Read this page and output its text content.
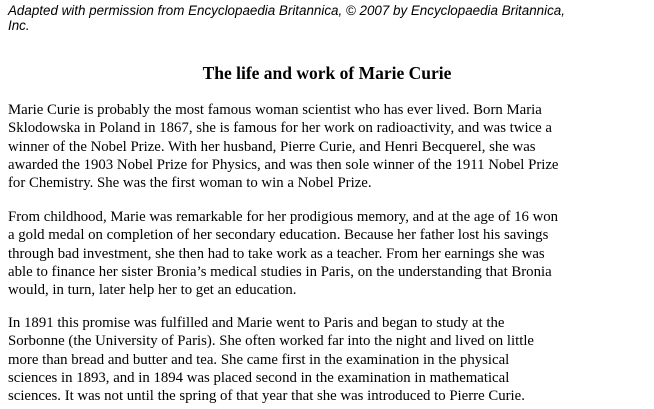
Adapted with permission from Encyclopaedia Britannica, © 2007 by Encyclopaedia Britannica,
Inc.

The life and work of Marie Curie

Marie Curie is probably the most famous woman scientist who has ever lived. Born Maria
Sklodowska in Poland in 1867, she is famous for her work on radioactivity, and was twice a
winner of the Nobel Prize. With her husband, Pierre Curie, and Henri Becquerel, she was
awarded the 1903 Nobel Prize for Physics, and was then sole winner of the 1911 Nobel Prize
for Chemistry. She was the first woman to win a Nobel Prize.

From childhood, Marie was remarkable for her prodigious memory, and at the age of 16 won
a gold medal on completion of her secondary education. Because her father lost his savings
through bad investment, she then had to take work as a teacher. From her earnings she was
able to finance her sister Bronia’s medical studies in Paris, on the understanding that Bronia
would, in turn, later help her to get an education.

In 1891 this promise was fulfilled and Marie went to Paris and began to study at the
Sorbonne (the University of Paris). She often worked far into the night and lived on little
more than bread and butter and tea. She came first in the examination in the physical
sciences in 1893, and in 1894 was placed second in the examination in mathematical
sciences. It was not until the spring of that year that she was introduced to Pierre Curie.
